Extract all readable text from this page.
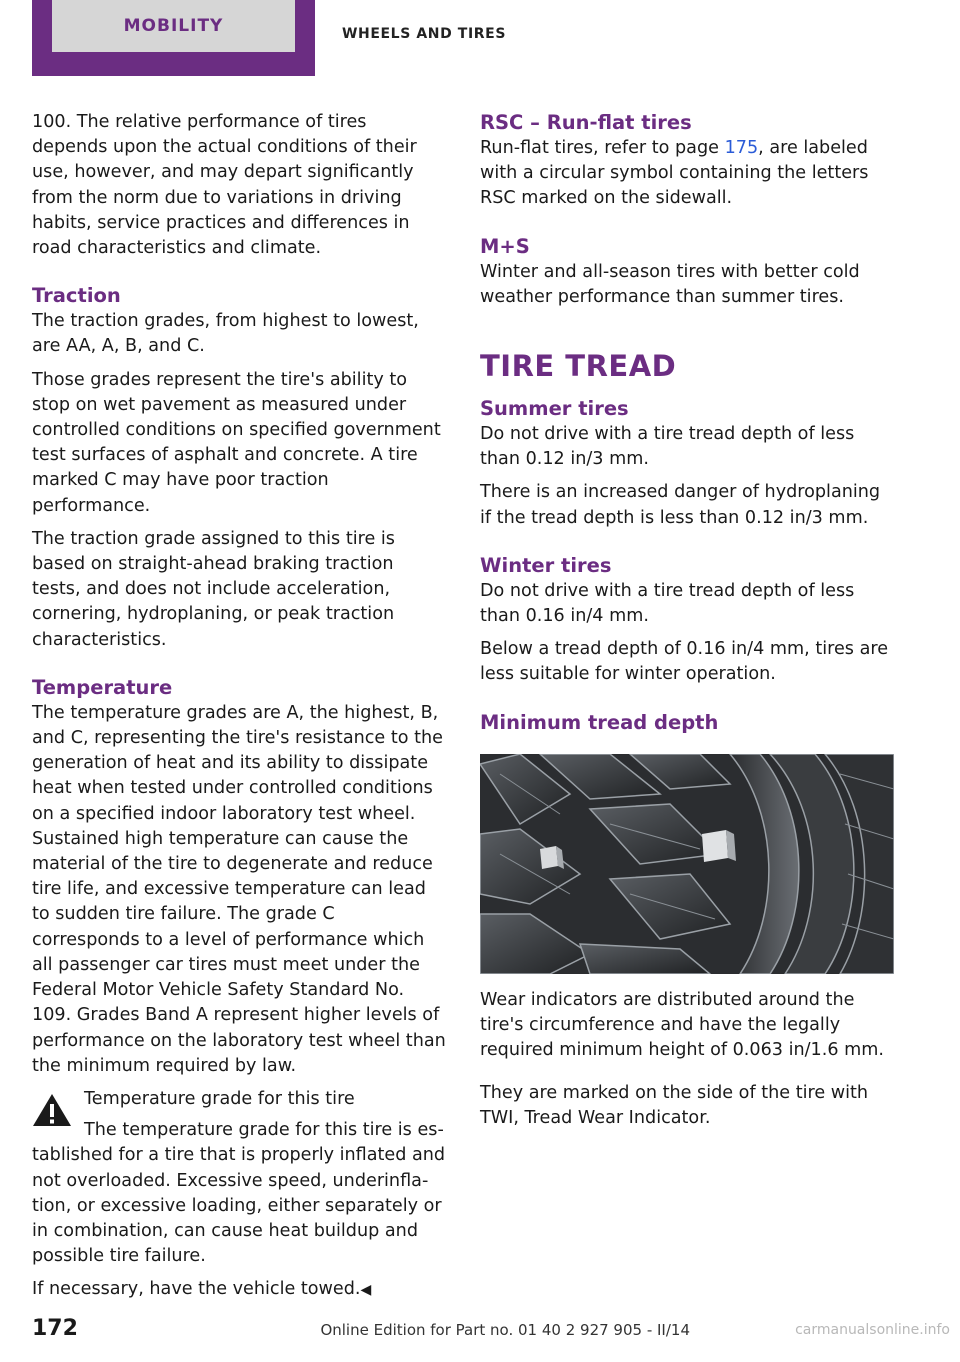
MOBILITY	WHEELS AND TIRES

100. The relative performance of tires depends upon the actual conditions of their use, however, and may depart significantly from the norm due to variations in driving habits, service practices and differences in road characteristics and climate.

Traction

The traction grades, from highest to lowest, are AA, A, B, and C.

Those grades represent the tire's ability to stop on wet pavement as measured under controlled conditions on specified government test surfaces of asphalt and concrete. A tire marked C may have poor traction performance.

The traction grade assigned to this tire is based on straight-ahead braking traction tests, and does not include acceleration, cornering, hydroplaning, or peak traction characteristics.

Temperature

The temperature grades are A, the highest, B, and C, representing the tire's resistance to the generation of heat and its ability to dissipate heat when tested under controlled conditions on a specified indoor laboratory test wheel. Sustained high temperature can cause the material of the tire to degenerate and reduce tire life, and excessive temperature can lead to sudden tire failure. The grade C corresponds to a level of performance which all passenger car tires must meet under the Federal Motor Vehicle Safety Standard No. 109. Grades Band A represent higher levels of performance on the laboratory test wheel than the minimum required by law.

Temperature grade for this tire

The temperature grade for this tire is established for a tire that is properly inflated and not overloaded. Excessive speed, underinflation, or excessive loading, either separately or in combination, can cause heat buildup and possible tire failure.

If necessary, have the vehicle towed.◀

RSC – Run-flat tires

Run-flat tires, refer to page 175, are labeled with a circular symbol containing the letters RSC marked on the sidewall.

M+S

Winter and all-season tires with better cold weather performance than summer tires.

TIRE TREAD
Summer tires

Do not drive with a tire tread depth of less than 0.12 in/3 mm.

There is an increased danger of hydroplaning if the tread depth is less than 0.12 in/3 mm.

Winter tires

Do not drive with a tire tread depth of less than 0.16 in/4 mm.

Below a tread depth of 0.16 in/4 mm, tires are less suitable for winter operation.

Minimum tread depth

Wear indicators are distributed around the tire's circumference and have the legally required minimum height of 0.063 in/1.6 mm.

They are marked on the side of the tire with TWI, Tread Wear Indicator.

172	Online Edition for Part no. 01 40 2 927 905 - II/14	carmanualsonline.info
